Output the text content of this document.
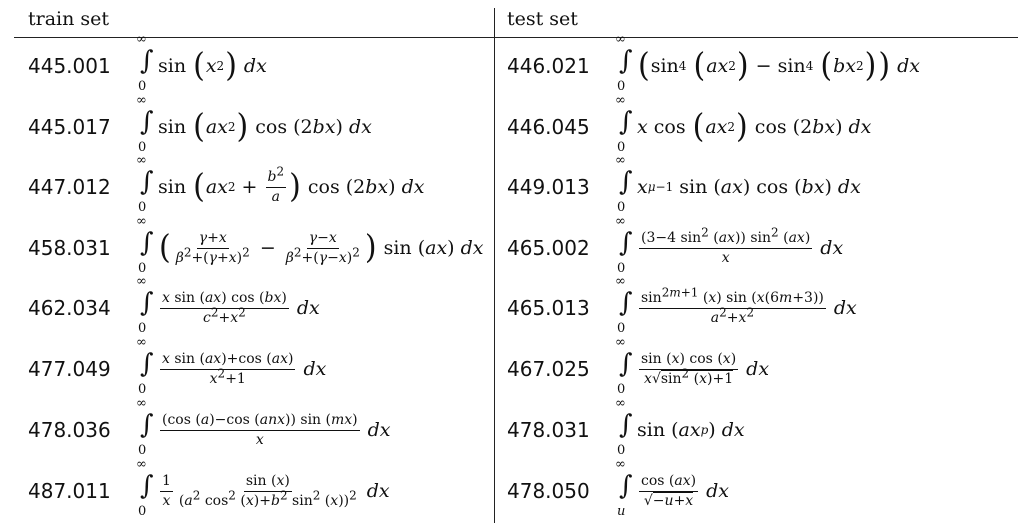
train set	test set
445.001
∞
∫
0
sin ( x 2 ) dx
445.017
∞
∫
0
sin ( ax 2 ) cos (2 bx ) dx
447.012
∞
∫
0
sin ( ax $2 + \frac{b^2}{a}$ ) cos (2 bx ) dx
458.031
∞
∫
0
( $\frac{\gamma+x}{\beta^2+(\gamma+x)^2} - \frac{\gamma-x}{\beta^2+(\gamma-x)^2}$ ) sin ( ax ) dx
462.034
∞
∫
0
$\frac{\text{x sin (ax) cos (bx)}}{c^2+x^2}$ dx
477.049
∞
∫
0
$\frac{\text{x sin (ax)+cos (ax)}}{x^2+1}$ dx
478.036
∞
∫
0
$\frac{\text{(cos (a)−cos (anx)) sin (mx)}}{x}$ dx
487.011
∞
∫
0
$\frac{1}{x} \frac{\sin (x)}{(a^2 \cos^2 (x)+b^2 \sin^2 (x))^2}$ dx
446.021
∞
∫
0
( sin 4
( ax 2 ) − sin 4
( bx 2 ) ) dx
446.045
∞
∫
0
x cos ( ax 2 ) cos (2 bx ) dx
449.013
∞
∫
0
x μ−1 sin ( ax ) cos ( bx ) dx
465.002
∞
∫
0
$\frac{(3-4 \sin^2 (ax)) \sin^2 (ax)}{x}$ dx
465.013
∞
∫
0
$\frac{\sin^{2m+1} (x) \sin (x(6m+3))}{a^2+x^2}$ dx
467.025
∞
∫
0
$\frac{\sin (x) \cos (x)}{x√\sin^2 (x)+1}$ dx
478.031
∞
∫
0
sin ( ax p ) dx
478.050
∞
∫
u
$\frac{\cos (ax)}{√-u+x}$ dx
